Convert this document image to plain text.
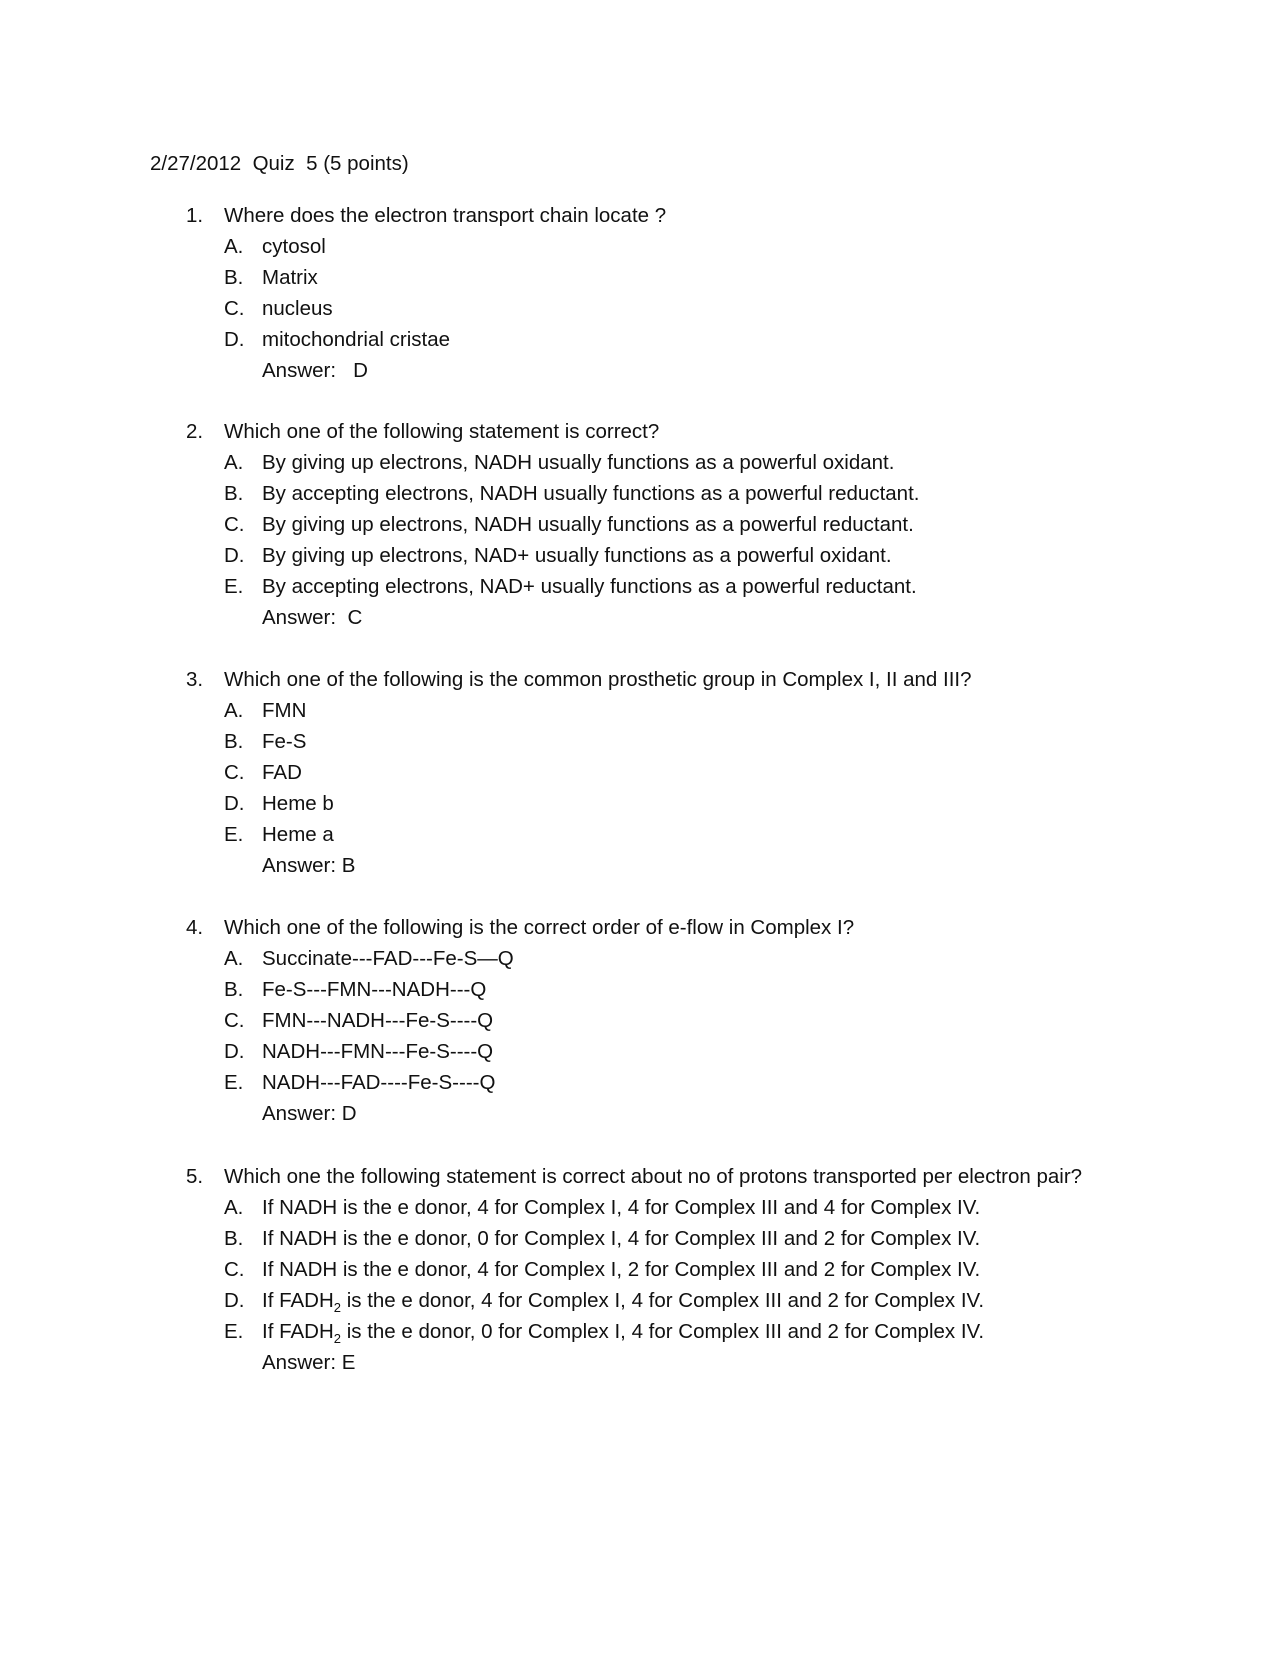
2/27/2012  Quiz  5 (5 points)
1. Where does the electron transport chain locate ?
A. cytosol
B. Matrix
C. nucleus
D. mitochondrial cristae
Answer:   D
2. Which one of the following statement is correct?
A. By giving up electrons, NADH usually functions as a powerful oxidant.
B. By accepting electrons, NADH usually functions as a powerful reductant.
C. By giving up electrons, NADH usually functions as a powerful reductant.
D. By giving up electrons, NAD+ usually functions as a powerful oxidant.
E. By accepting electrons, NAD+ usually functions as a powerful reductant.
Answer:  C
3. Which one of the following is the common prosthetic group in Complex I, II and III?
A. FMN
B. Fe-S
C. FAD
D. Heme b
E. Heme a
Answer: B
4. Which one of the following is the correct order of e-flow in Complex I?
A. Succinate---FAD---Fe-S—Q
B. Fe-S---FMN---NADH---Q
C. FMN---NADH---Fe-S----Q
D. NADH---FMN---Fe-S----Q
E. NADH---FAD----Fe-S----Q
Answer: D
5. Which one the following statement is correct about no of protons transported per electron pair?
A. If NADH is the e donor, 4 for Complex I, 4 for Complex III and 4 for Complex IV.
B. If NADH is the e donor, 0 for Complex I, 4 for Complex III and 2 for Complex IV.
C. If NADH is the e donor, 4 for Complex I, 2 for Complex III and 2 for Complex IV.
D. If $FADH_2$ is the e donor, 4 for Complex I, 4 for Complex III and 2 for Complex IV.
E. If $FADH_2$ is the e donor, 0 for Complex I, 4 for Complex III and 2 for Complex IV.
Answer: E
